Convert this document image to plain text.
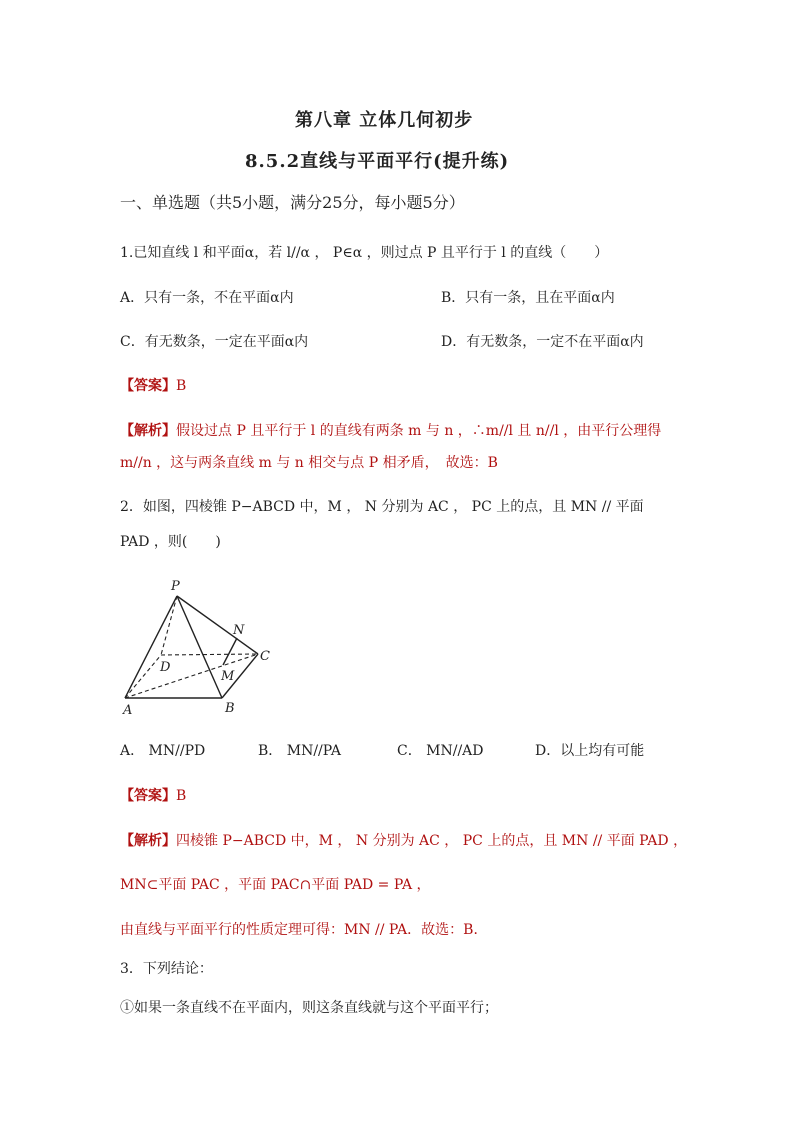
第八章 立体几何初步
8.5.2直线与平面平行(提升练)
一、单选题（共5小题，满分25分，每小题5分）
1.已知直线 l 和平面α，若 l//α ， P∈α ，则过点 P 且平行于 l 的直线（　　）
A．只有一条，不在平面α内	B．只有一条，且在平面α内
C．有无数条，一定在平面α内	D．有无数条，一定不在平面α内
【答案】B
【解析】假设过点 P 且平行于 l 的直线有两条 m 与 n ，∴m//l 且 n//l ，由平行公理得
m//n ，这与两条直线 m 与 n 相交与点 P 相矛盾，　故选：B
2．如图，四棱锥 P−ABCD 中，M ， N 分别为 AC ， PC 上的点，且 MN // 平面
PAD ，则(　　)
P
N
D
C
M
A	B
A． MN//PD	B． MN//PA	C． MN//AD	D．以上均有可能
【答案】B
【解析】四棱锥 P−ABCD 中，M ， N 分别为 AC ， PC 上的点，且 MN // 平面 PAD ，
MN⊂平面 PAC ，平面 PAC∩平面 PAD = PA ，
由直线与平面平行的性质定理可得：MN // PA．故选：B．
3．下列结论：
①如果一条直线不在平面内，则这条直线就与这个平面平行；
